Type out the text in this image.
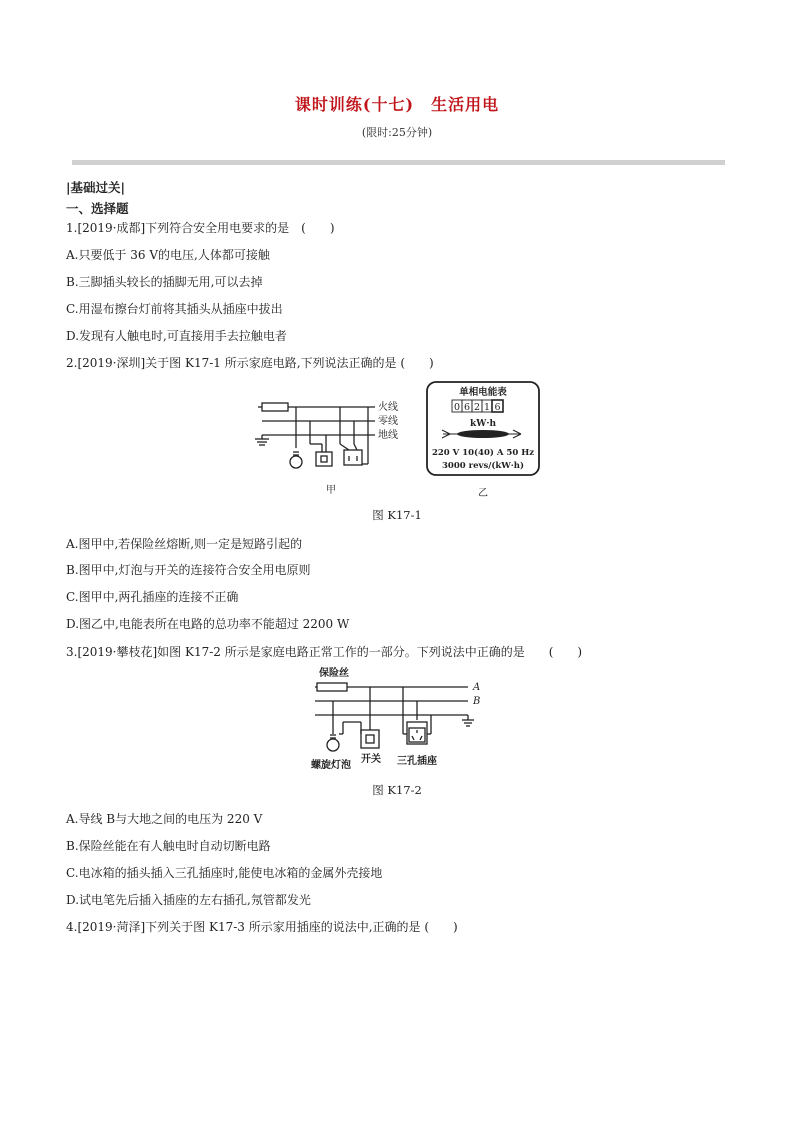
课时训练(十七)　生活用电
(限时:25分钟)
|基础过关|
一、选择题
1.[2019·成都]下列符合安全用电要求的是　(　　)
A.只要低于 36 V的电压,人体都可接触
B.三脚插头较长的插脚无用,可以去掉
C.用湿布擦台灯前将其插头从插座中拔出
D.发现有人触电时,可直接用手去拉触电者
2.[2019·深圳]关于图 K17-1 所示家庭电路,下列说法正确的是 (　　)
火线
零线
地线
甲
单相电能表
0 6 2 1 6
kW·h
220 V 10(40) A 50 Hz
3000 revs/(kW·h)
乙
图 K17-1
A.图甲中,若保险丝熔断,则一定是短路引起的
B.图甲中,灯泡与开关的连接符合安全用电原则
C.图甲中,两孔插座的连接不正确
D.图乙中,电能表所在电路的总功率不能超过 2200 W
3.[2019·攀枝花]如图 K17-2 所示是家庭电路正常工作的一部分。下列说法中正确的是　　(　　)
保险丝
A
B
螺旋灯泡
开关 三孔插座
图 K17-2
A.导线 B与大地之间的电压为 220 V
B.保险丝能在有人触电时自动切断电路
C.电冰箱的插头插入三孔插座时,能使电冰箱的金属外壳接地
D.试电笔先后插入插座的左右插孔,氖管都发光
4.[2019·菏泽]下列关于图 K17-3 所示家用插座的说法中,正确的是 (　　)
